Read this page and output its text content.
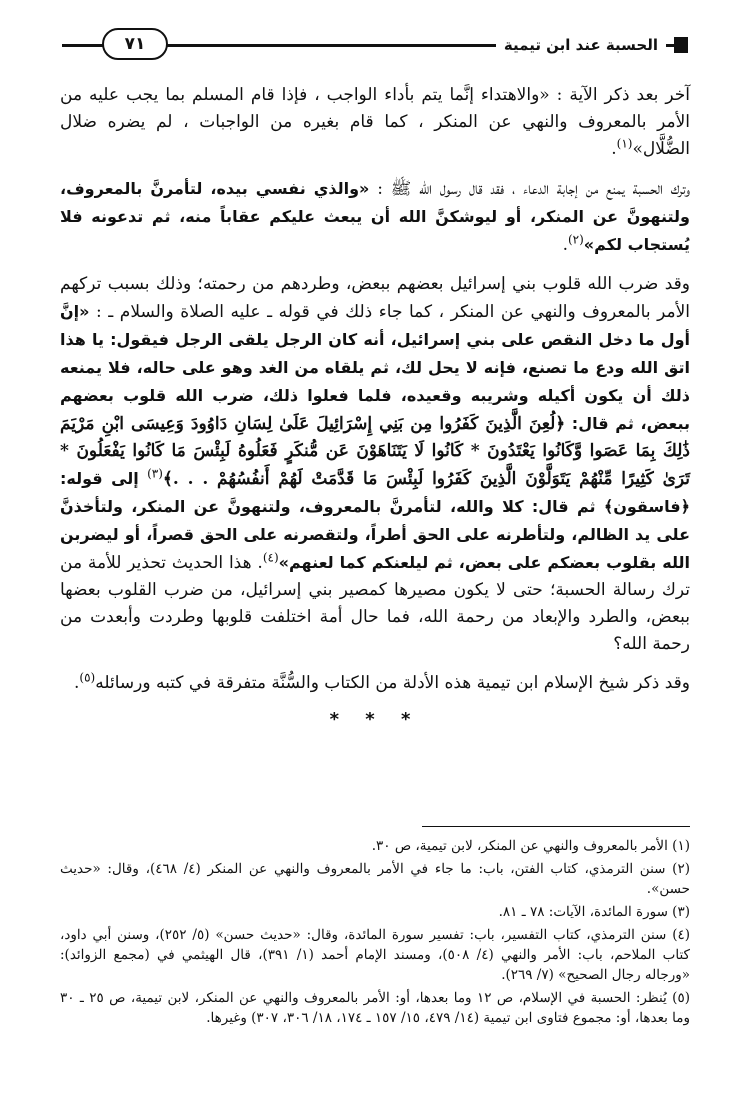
الحسبة عند ابن تيمية
٧١

آخر بعد ذكر الآية : «والاهتداء إنَّما يتم بأداء الواجب ، فإذا قام المسلم بما يجب عليه من الأمر بالمعروف والنهي عن المنكر ، كما قام بغيره من الواجبات ، لم يضره ضلال الضُّلَّال»$^{(١)}$.

وترك الحسبة يمنع من إجابة الدعاء ، فقد قال رسول الله ﷺ : «والذي نفسي بيده، لتأمرنَّ بالمعروف، ولتنهونَّ عن المنكر، أو ليوشكنَّ الله أن يبعث عليكم عقاباً منه، ثم تدعونه فلا يُستجاب لكم»$^{(٢)}$.

وقد ضرب الله قلوب بني إسرائيل بعضهم ببعض، وطردهم من رحمته؛ وذلك بسبب تركهم الأمر بالمعروف والنهي عن المنكر ، كما جاء ذلك في قوله ـ عليه الصلاة والسلام ـ : «إنَّ أول ما دخل النقص على بني إسرائيل، أنه كان الرجل يلقى الرجل فيقول: يا هذا اتق الله ودع ما تصنع، فإنه لا يحل لك، ثم يلقاه من الغد وهو على حاله، فلا يمنعه ذلك أن يكون أكيله وشريبه وقعيده، فلما فعلوا ذلك، ضرب الله قلوب بعضهم ببعض، ثم قال: ﴿لُعِنَ الَّذِينَ كَفَرُوا مِن بَنِي إِسْرَائِيلَ عَلَىٰ لِسَانِ دَاوُودَ وَعِيسَى ابْنِ مَرْيَمَ ذَٰلِكَ بِمَا عَصَوا وَّكَانُوا يَعْتَدُونَ * كَانُوا لَا يَتَنَاهَوْنَ عَن مُّنكَرٍ فَعَلُوهُ لَبِئْسَ مَا كَانُوا يَفْعَلُونَ * تَرَىٰ كَثِيرًا مِّنْهُمْ يَتَوَلَّوْنَ الَّذِينَ كَفَرُوا لَبِئْسَ مَا قَدَّمَتْ لَهُمْ أَنفُسُهُمْ . . .﴾$^{(٣)}$ إلى قوله: ﴿فاسقون﴾ ثم قال: كلا والله، لتأمرنَّ بالمعروف، ولتنهونَّ عن المنكر، ولتأخذنَّ على يد الظالم، ولتأطرنه على الحق أطراً، ولتقصرنه على الحق قصراً، أو ليضربن الله بقلوب بعضكم على بعض، ثم ليلعنكم كما لعنهم»$^{(٤)}$. هذا الحديث تحذير للأمة من ترك رسالة الحسبة؛ حتى لا يكون مصيرها كمصير بني إسرائيل، من ضرب القلوب بعضها ببعض، والطرد والإبعاد من رحمة الله، فما حال أمة اختلفت قلوبها وطردت وأبعدت من رحمة الله؟

وقد ذكر شيخ الإسلام ابن تيمية هذه الأدلة من الكتاب والسُّنَّة متفرقة في كتبه ورسائله$^{(٥)}$.

* * *

(١) الأمر بالمعروف والنهي عن المنكر، لابن تيمية، ص ٣٠.

(٢) سنن الترمذي، كتاب الفتن، باب: ما جاء في الأمر بالمعروف والنهي عن المنكر (٤/ ٤٦٨)، وقال: «حديث حسن».

(٣) سورة المائدة، الآيات: ٧٨ ـ ٨١.

(٤) سنن الترمذي، كتاب التفسير، باب: تفسير سورة المائدة، وقال: «حديث حسن» (٥/ ٢٥٢)، وسنن أبي داود، كتاب الملاحم، باب: الأمر والنهي (٤/ ٥٠٨)، ومسند الإمام أحمد (١/ ٣٩١)، قال الهيثمي في (مجمع الزوائد): «ورجاله رجال الصحيح» (٧/ ٢٦٩).

(٥) يُنظر: الحسبة في الإسلام، ص ١٢ وما بعدها، أو: الأمر بالمعروف والنهي عن المنكر، لابن تيمية، ص ٢٥ ـ ٣٠ وما بعدها، أو: مجموع فتاوى ابن تيمية (١٤/ ٤٧٩، ١٥/ ١٥٧ ـ ١٧٤، ١٨/ ٣٠٦، ٣٠٧) وغيرها.
